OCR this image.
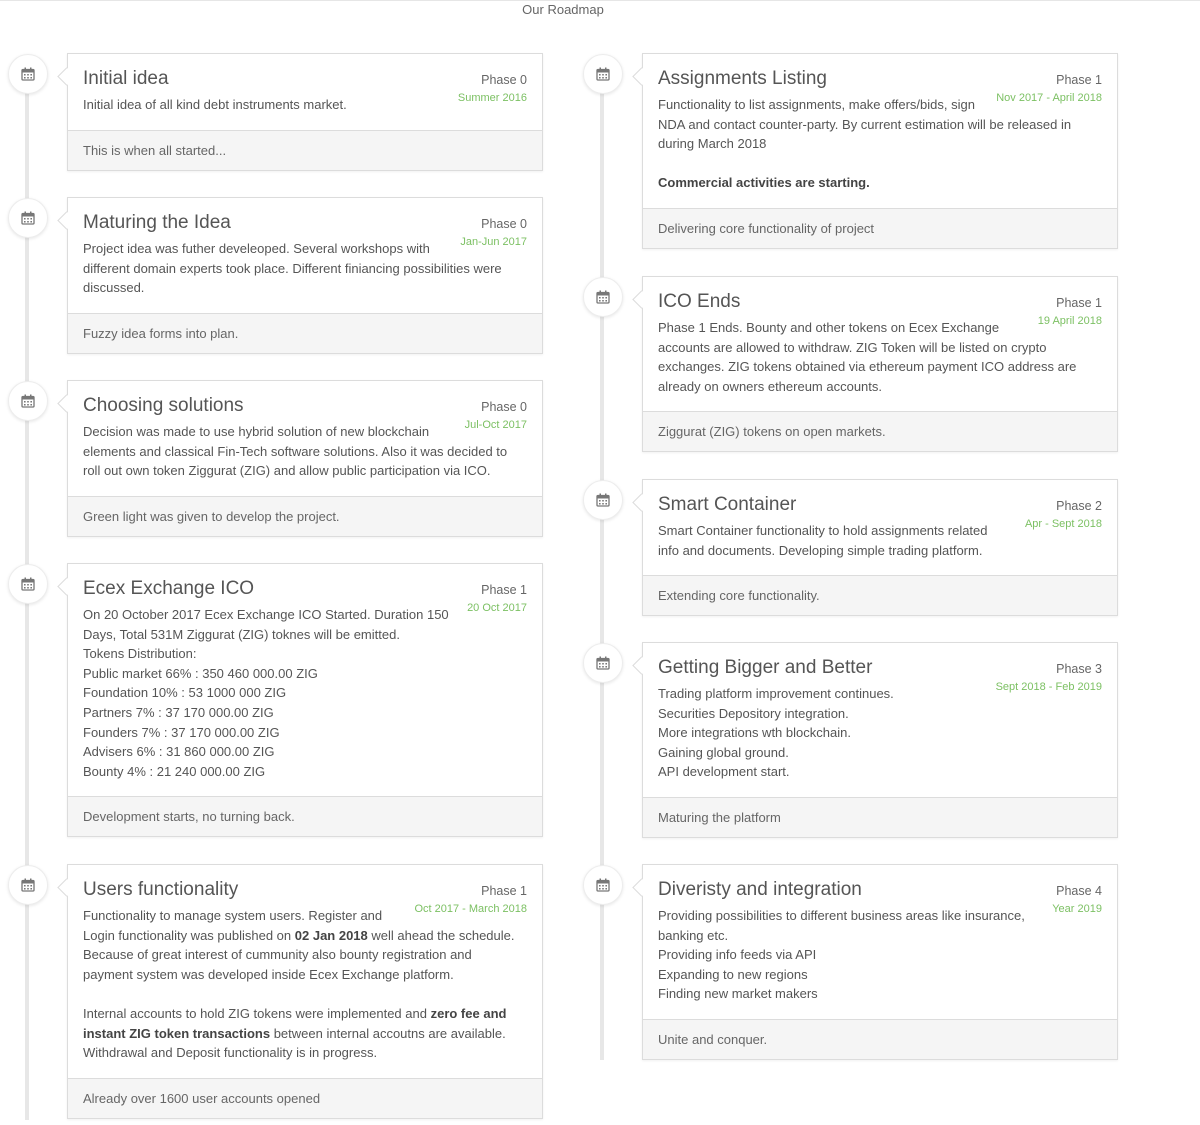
Our Roadmap
Phase 0
Summer 2016
Initial idea

Initial idea of all kind debt instruments market.

This is when all started...
Phase 0
Jan-Jun 2017
Maturing the Idea

Project idea was futher develeoped. Several workshops with

different domain experts took place. Different finiancing possibilities were

discussed.

Fuzzy idea forms into plan.
Phase 0
Jul-Oct 2017
Choosing solutions

Decision was made to use hybrid solution of new blockchain

elements and classical Fin-Tech software solutions. Also it was decided to

roll out own token Ziggurat (ZIG) and allow public participation via ICO.

Green light was given to develop the project.
Phase 1
20 Oct 2017
Ecex Exchange ICO

On 20 October 2017 Ecex Exchange ICO Started. Duration 150

Days, Total 531M Ziggurat (ZIG) toknes will be emitted.

Tokens Distribution:

Public market 66% : 350 460 000.00 ZIG

Foundation 10% : 53 1000 000 ZIG

Partners 7% : 37 170 000.00 ZIG

Founders 7% : 37 170 000.00 ZIG

Advisers 6% : 31 860 000.00 ZIG

Bounty 4% : 21 240 000.00 ZIG

Development starts, no turning back.
Phase 1
Oct 2017 - March 2018
Users functionality

Functionality to manage system users. Register and

Login functionality was published on 02 Jan 2018 well ahead the schedule.

Because of great interest of cummunity also bounty registration and

payment system was developed inside Ecex Exchange platform.

Internal accounts to hold ZIG tokens were implemented and zero fee and

instant ZIG token transactions between internal accoutns are available.

Withdrawal and Deposit functionality is in progress.

Already over 1600 user accounts opened
Phase 1
Nov 2017 - April 2018
Assignments Listing

Functionality to list assignments, make offers/bids, sign

NDA and contact counter-party. By current estimation will be released in

during March 2018

Commercial activities are starting.

Delivering core functionality of project
Phase 1
19 April 2018
ICO Ends

Phase 1 Ends. Bounty and other tokens on Ecex Exchange

accounts are allowed to withdraw. ZIG Token will be listed on crypto

exchanges. ZIG tokens obtained via ethereum payment ICO address are

already on owners ethereum accounts.

Ziggurat (ZIG) tokens on open markets.
Phase 2
Apr - Sept 2018
Smart Container

Smart Container functionality to hold assignments related

info and documents. Developing simple trading platform.

Extending core functionality.
Phase 3
Sept 2018 - Feb 2019
Getting Bigger and Better

Trading platform improvement continues.

Securities Depository integration.

More integrations wth blockchain.

Gaining global ground.

API development start.

Maturing the platform
Phase 4
Year 2019
Diveristy and integration

Providing possibilities to different business areas like insurance,

banking etc.

Providing info feeds via API

Expanding to new regions

Finding new market makers

Unite and conquer.
